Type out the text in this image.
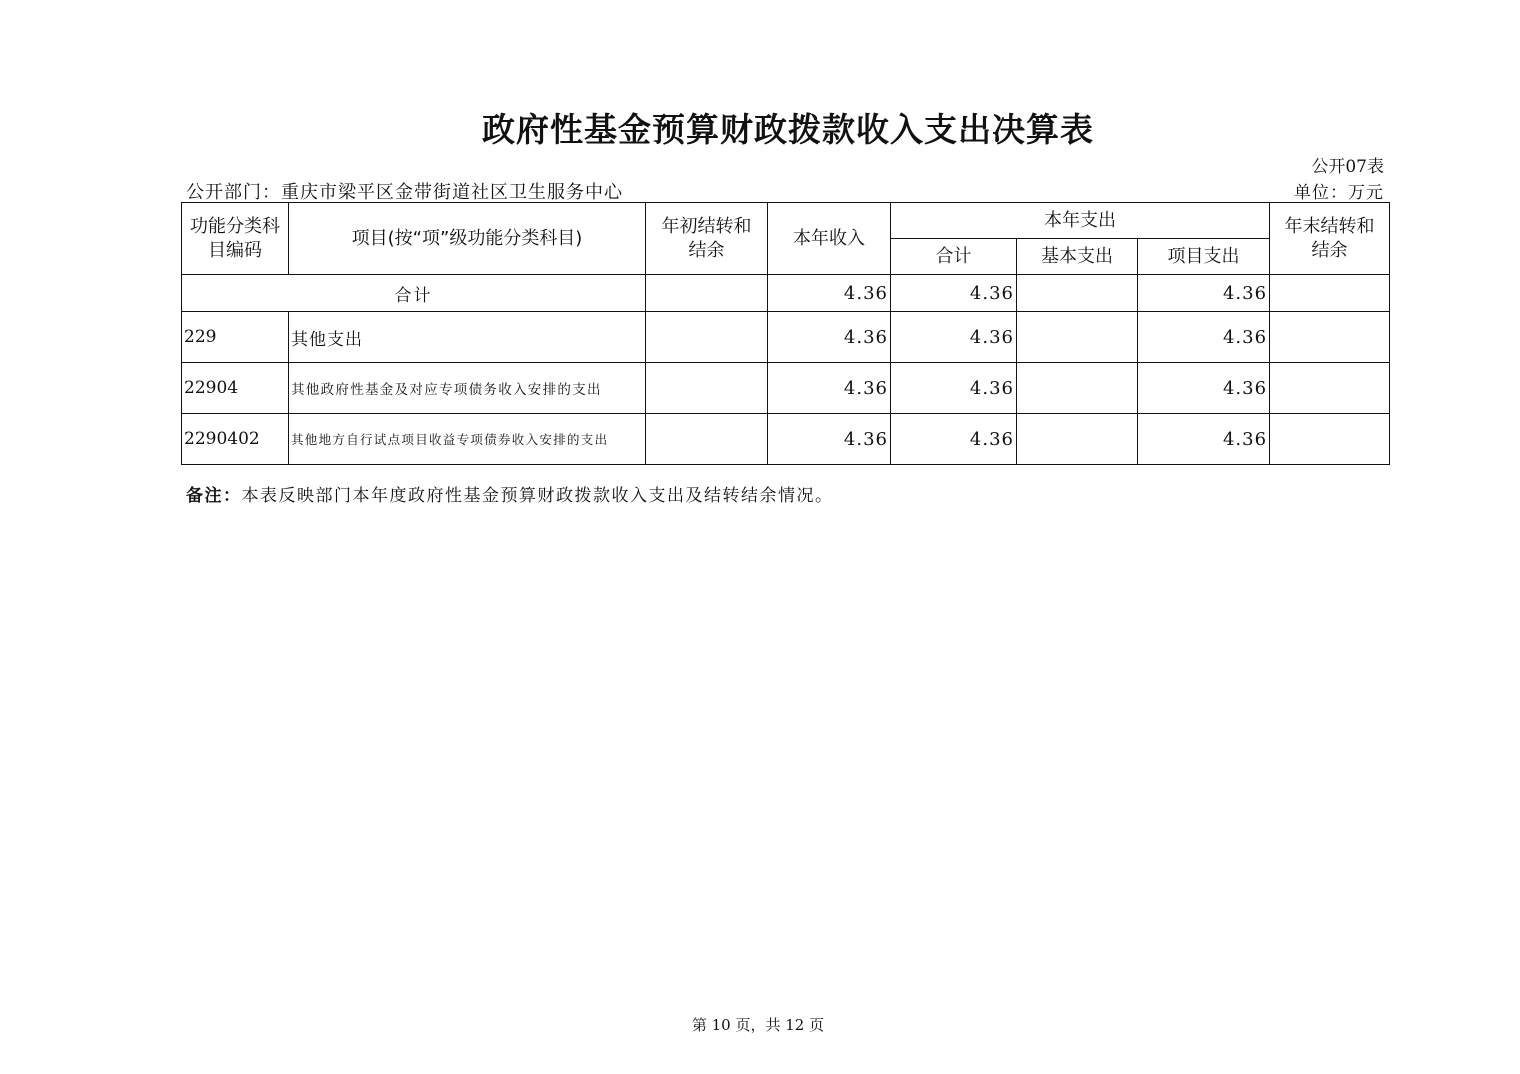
政府性基金预算财政拨款收入支出决算表
公开07表
公开部门：重庆市梁平区金带街道社区卫生服务中心	单位：万元
功能分类科目编码	项目(按“项”级功能分类科目)	年初结转和结余	本年收入	本年支出			年末结转和结余
				合计	基本支出	项目支出	
合计			4.36	4.36		4.36	
229	其他支出		4.36	4.36		4.36	
22904	其他政府性基金及对应专项债务收入安排的支出		4.36	4.36		4.36	
2290402	其他地方自行试点项目收益专项债券收入安排的支出		4.36	4.36		4.36	
备注：本表反映部门本年度政府性基金预算财政拨款收入支出及结转结余情况。
第 10 页，共 12 页
